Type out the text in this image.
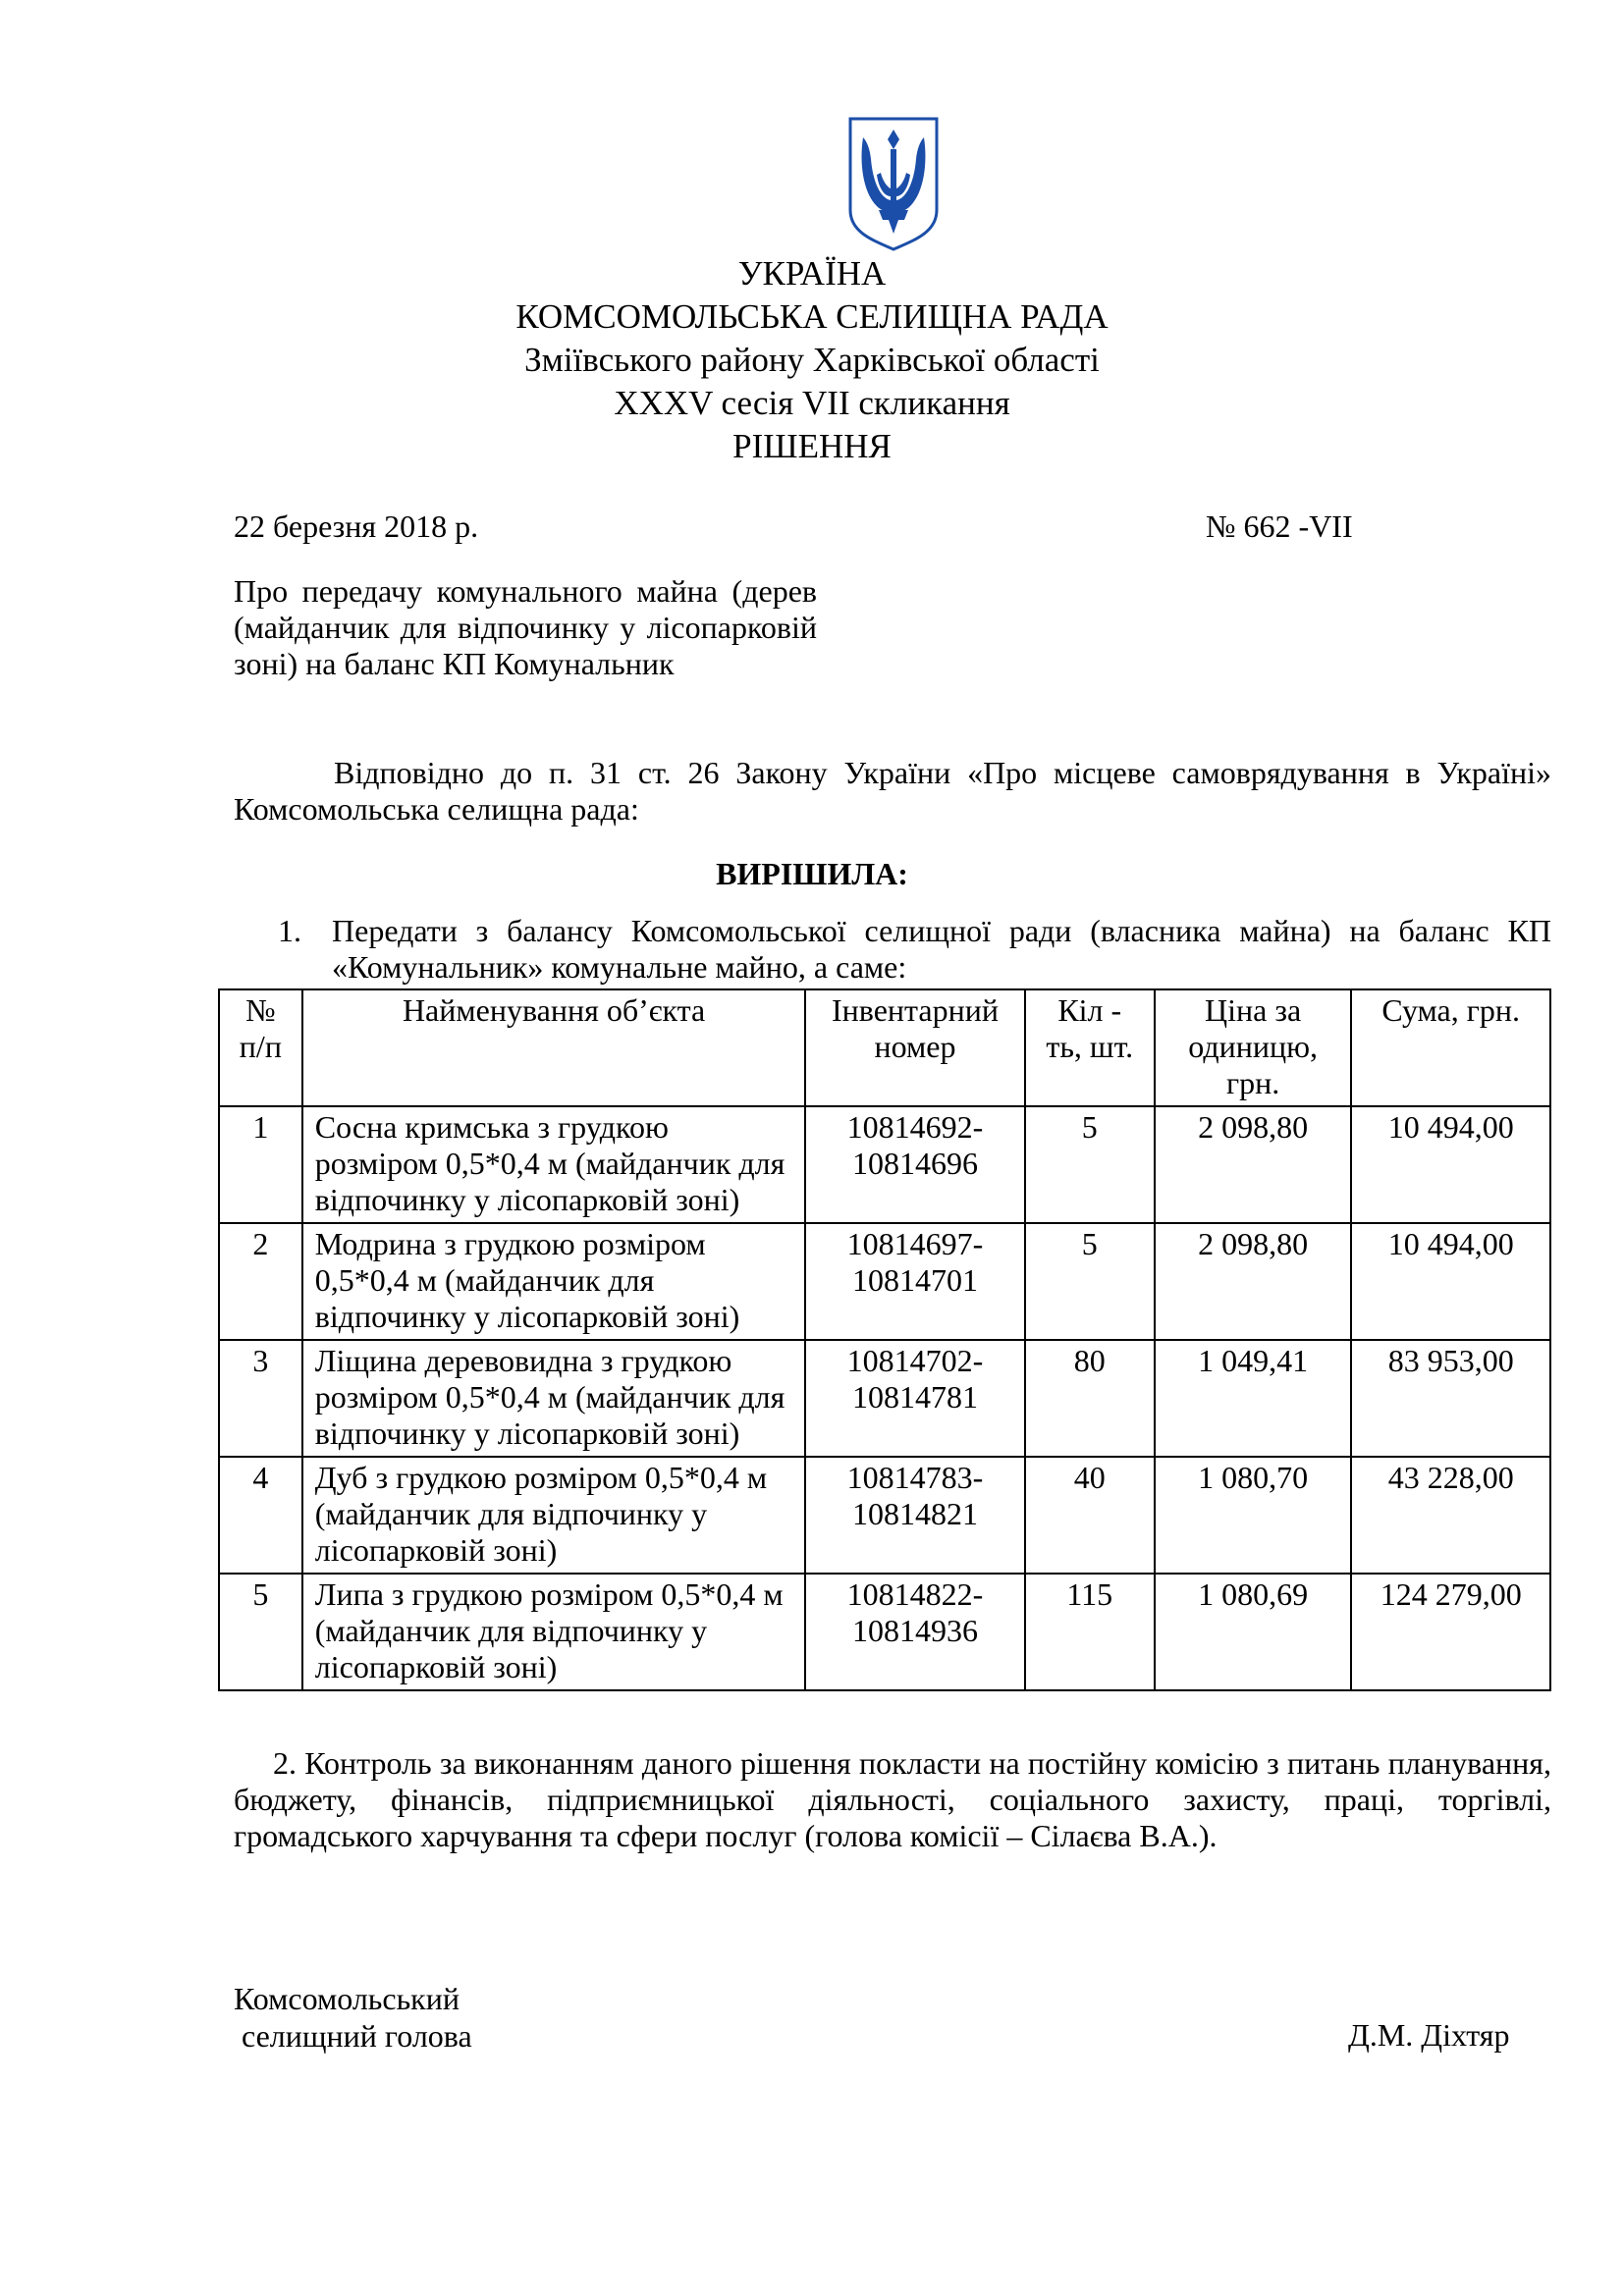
УКРАЇНА
КОМСОМОЛЬСЬКА СЕЛИЩНА РАДА
Зміївського району Харківської області
XXXV сесія VII скликання
РІШЕННЯ
22 березня 2018 р.	№ 662 -VII
Про передачу комунального майна (дерев (майданчик для відпочинку у лісопарковій зоні) на баланс КП Комунальник
Відповідно до п. 31 ст. 26 Закону України «Про місцеве самоврядування в Україні» Комсомольська селищна рада:
ВИРІШИЛА:
1. Передати з балансу Комсомольської селищної ради (власника майна) на баланс КП «Комунальник» комунальне майно, а саме:
№ п/п	Найменування об’єкта	Інвентарний номер	Кіл - ть, шт.	Ціна за одиницю, грн.	Сума, грн.
1	Сосна кримська з грудкою розміром 0,5*0,4 м (майданчик для відпочинку у лісопарковій зоні)	10814692-10814696	5	2 098,80	10 494,00
2	Модрина з грудкою розміром 0,5*0,4 м (майданчик для відпочинку у лісопарковій зоні)	10814697-10814701	5	2 098,80	10 494,00
3	Ліщина деревовидна з грудкою розміром 0,5*0,4 м (майданчик для відпочинку у лісопарковій зоні)	10814702-10814781	80	1 049,41	83 953,00
4	Дуб з грудкою розміром 0,5*0,4 м (майданчик для відпочинку у лісопарковій зоні)	10814783-10814821	40	1 080,70	43 228,00
5	Липа з грудкою розміром 0,5*0,4 м (майданчик для відпочинку у лісопарковій зоні)	10814822-10814936	115	1 080,69	124 279,00
2. Контроль за виконанням даного рішення покласти на постійну комісію з питань планування, бюджету, фінансів, підприємницької діяльності, соціального захисту, праці, торгівлі, громадського харчування та сфери послуг (голова комісії – Сілаєва В.А.).
Комсомольський
селищний голова	Д.М. Діхтяр
